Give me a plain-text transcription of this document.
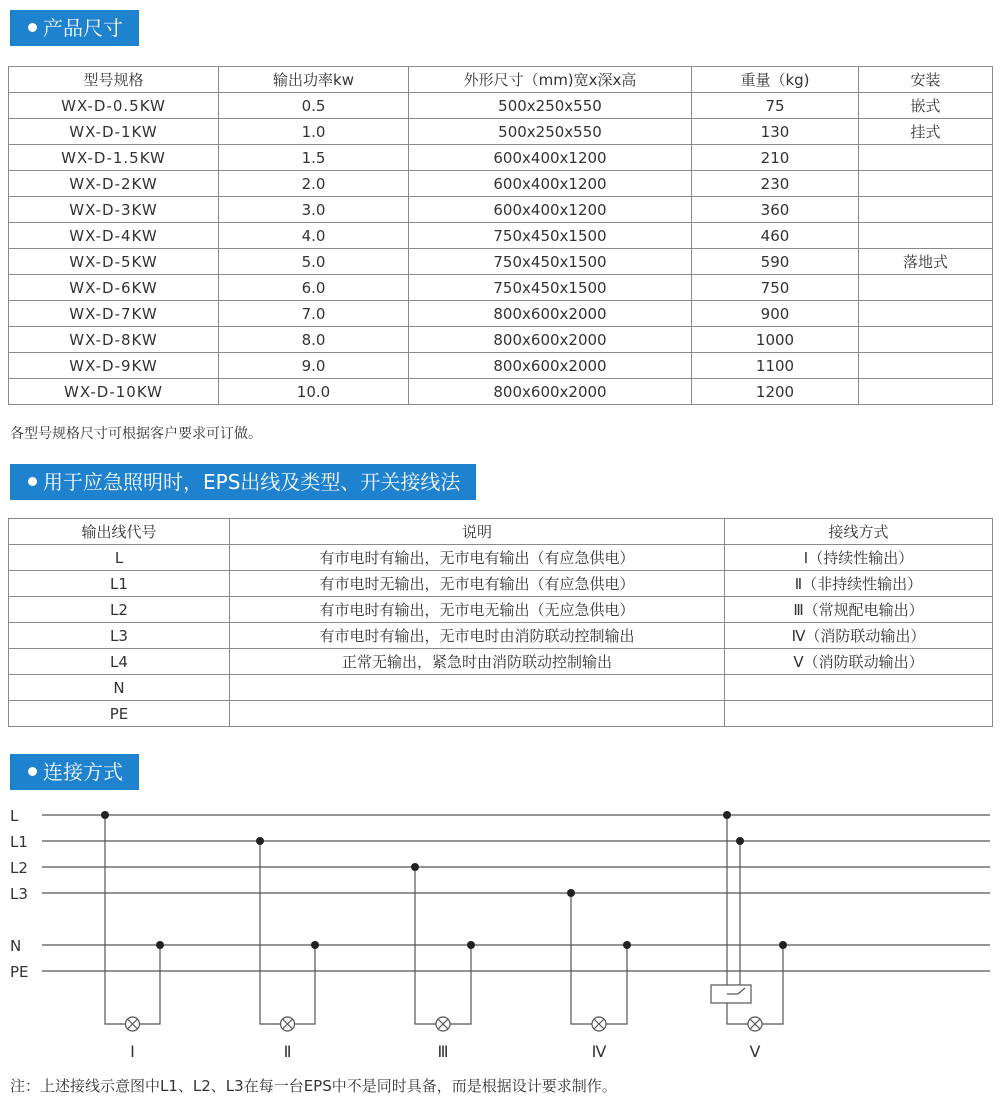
产品尺寸
型号规格	输出功率kw	外形尺寸（mm)宽x深x高	重量（kg)	安装
WX-D-0.5KW	0.5	500x250x550	75	嵌式
WX-D-1KW	1.0	500x250x550	130	挂式
WX-D-1.5KW	1.5	600x400x1200	210	
WX-D-2KW	2.0	600x400x1200	230	
WX-D-3KW	3.0	600x400x1200	360	
WX-D-4KW	4.0	750x450x1500	460	
WX-D-5KW	5.0	750x450x1500	590	落地式
WX-D-6KW	6.0	750x450x1500	750	
WX-D-7KW	7.0	800x600x2000	900	
WX-D-8KW	8.0	800x600x2000	1000	
WX-D-9KW	9.0	800x600x2000	1100	
WX-D-10KW	10.0	800x600x2000	1200	
各型号规格尺寸可根据客户要求可订做。
用于应急照明时，EPS出线及类型、开关接线法
输出线代号	说明	接线方式
L	有市电时有输出，无市电有输出（有应急供电）	Ⅰ（持续性输出）
L1	有市电时无输出，无市电有输出（有应急供电）	Ⅱ（非持续性输出）
L2	有市电时有输出，无市电无输出（无应急供电）	Ⅲ（常规配电输出）
L3	有市电时有输出，无市电时由消防联动控制输出	Ⅳ（消防联动输出）
L4	正常无输出，紧急时由消防联动控制输出	Ⅴ（消防联动输出）
N		
PE		
连接方式
L
L1
L2
L3
N
PE
Ⅰ	Ⅱ	Ⅲ	Ⅳ	Ⅴ
注：上述接线示意图中L1、L2、L3在每一台EPS中不是同时具备，而是根据设计要求制作。
